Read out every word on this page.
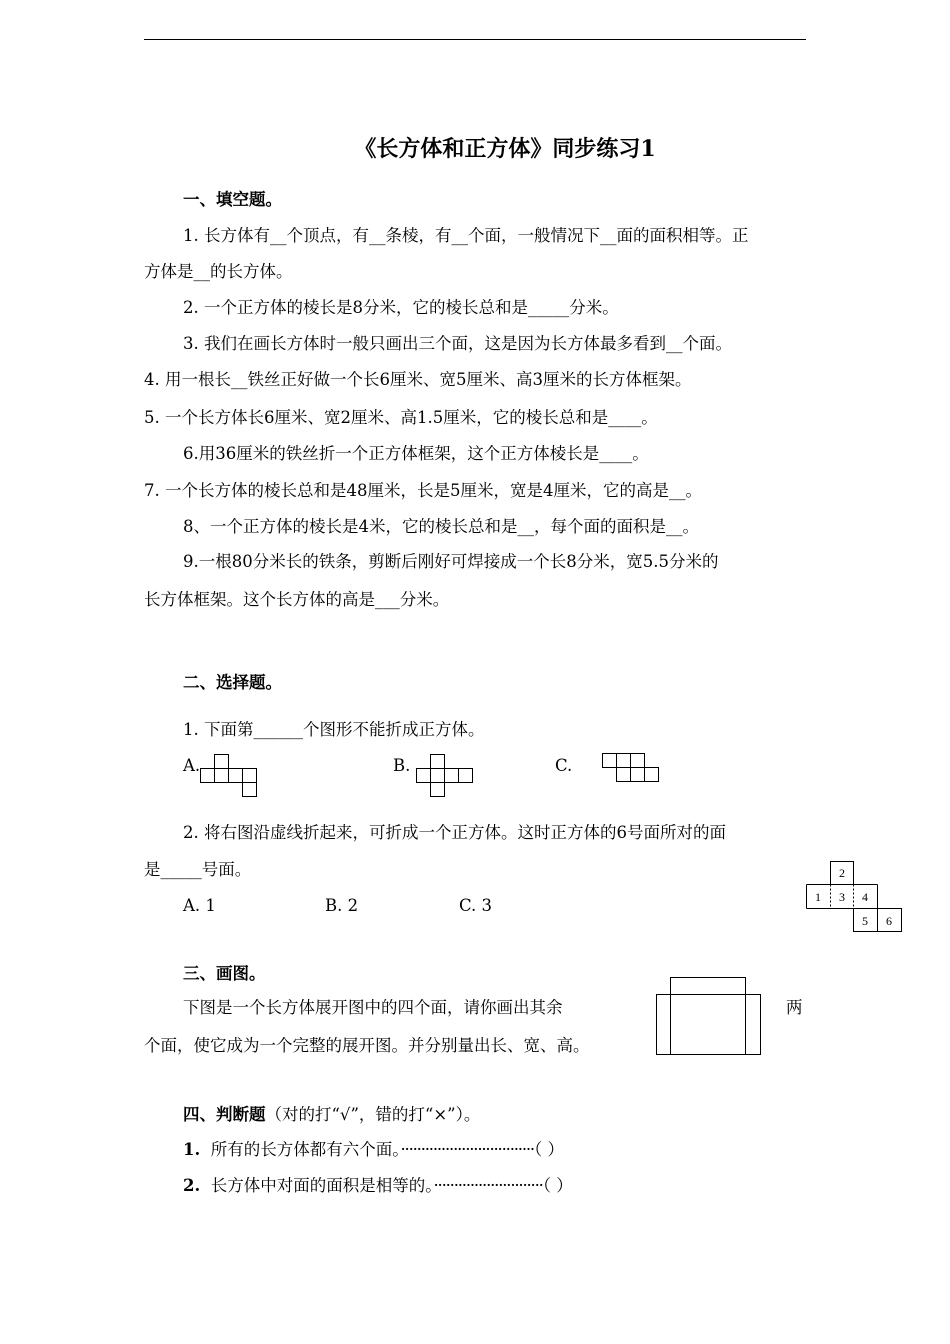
《长方体和正方体》同步练习1
一、填空题。
1. 长方体有__个顶点，有__条棱，有__个面，一般情况下__面的面积相等。正
方体是__的长方体。
2. 一个正方体的棱长是8分米，它的棱长总和是_____分米。
3. 我们在画长方体时一般只画出三个面，这是因为长方体最多看到__个面。
4. 用一根长__铁丝正好做一个长6厘米、宽5厘米、高3厘米的长方体框架。
5. 一个长方体长6厘米、宽2厘米、高1.5厘米，它的棱长总和是____。
6.用36厘米的铁丝折一个正方体框架，这个正方体棱长是____。
7. 一个长方体的棱长总和是48厘米，长是5厘米，宽是4厘米，它的高是__。
8、一个正方体的棱长是4米，它的棱长总和是__，每个面的面积是__。
9.一根80分米长的铁条，剪断后刚好可焊接成一个长8分米，宽5.5分米的
长方体框架。这个长方体的高是___分米。
二、选择题。
1. 下面第______个图形不能折成正方体。
A.	B.	C.
2. 将右图沿虚线折起来，可折成一个正方体。这时正方体的6号面所对的面
是_____号面。
A. 1	B. 2	C. 3
2
1 3 4
5 6
三、画图。
下图是一个长方体展开图中的四个面，请你画出其余	两
个面，使它成为一个完整的展开图。并分别量出长、宽、高。
四、判断题（对的打“√”，错的打“×”）。
1. 所有的长方体都有六个面。·································（ ）
2. 长方体中对面的面积是相等的。···························（ ）
